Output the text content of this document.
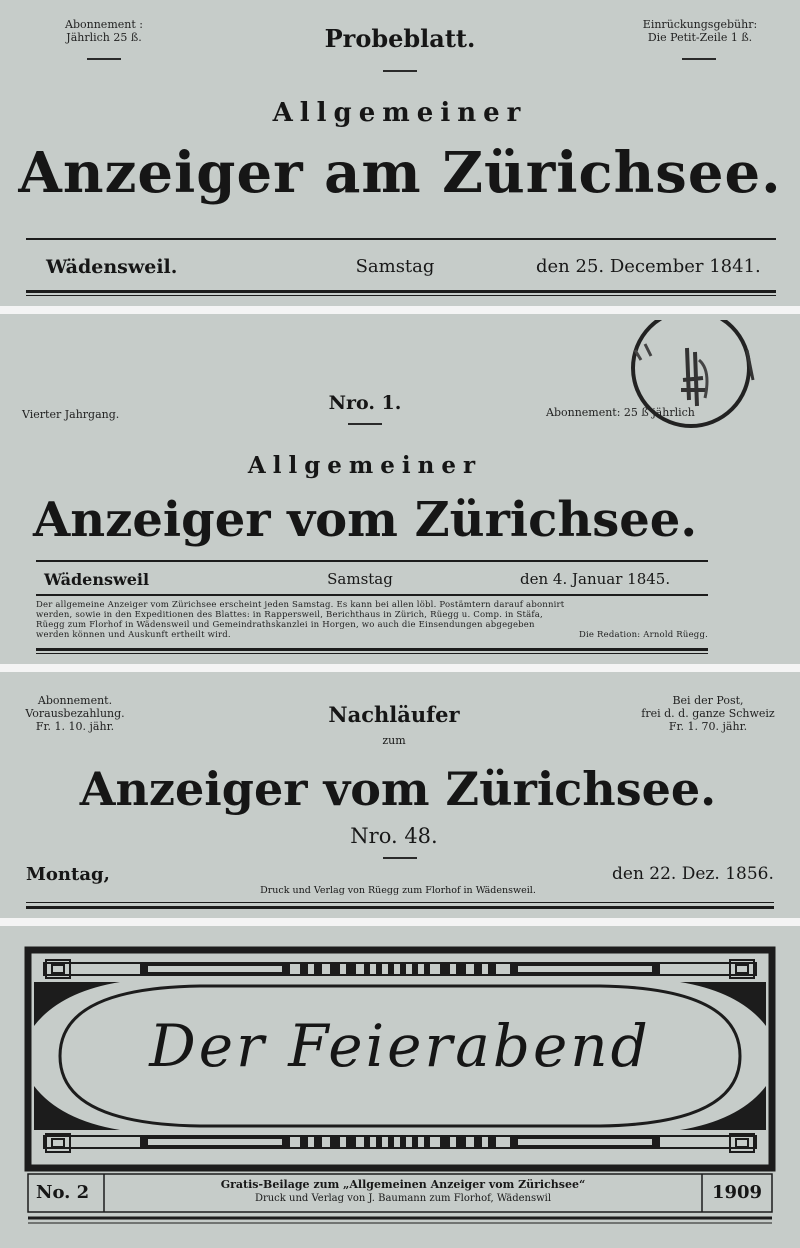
Abonnement :
Jährlich 25 ß.	Probeblatt.	Einrückungsgebühr:
Die Petit-Zeile 1 ß.
Allgemeiner
Anzeiger am Zürichsee.
Wädensweil.	Samstag	den 25. December 1841.
Vierter Jahrgang.
Nro. 1.	Abonnement: 25 ß jährlich
Allgemeiner
Anzeiger vom Zürichsee.
Wädensweil	Samstag	den 4. Januar 1845.
Der allgemeine Anzeiger vom Zürichsee erscheint jeden Samstag. Es kann bei allen löbl. Postämtern darauf abonnirt
werden, sowie in den Expeditionen des Blattes: in Rappersweil, Berichthaus in Zürich, Rüegg u. Comp. in Stäfa,
Rüegg zum Florhof in Wädensweil und Gemeindrathskanzlei in Horgen, wo auch die Einsendungen abgegeben
werden können und Auskunft ertheilt wird.	Die Redation: Arnold Rüegg.
Abonnement.
Vorausbezahlung.
Fr. 1. 10. jähr.	Nachläufer
zum
Bei der Post,
frei d. d. ganze Schweiz
Fr. 1. 70. jähr.
Anzeiger vom Zürichsee.
Nro. 48.
Montag,	den 22. Dez. 1856.
Druck und Verlag von Rüegg zum Florhof in Wädensweil.
Der Feierabend
No. 2	Gratis-Beilage zum „Allgemeinen Anzeiger vom Zürichsee“
Druck und Verlag von J. Baumann zum Florhof, Wädenswil	1909
